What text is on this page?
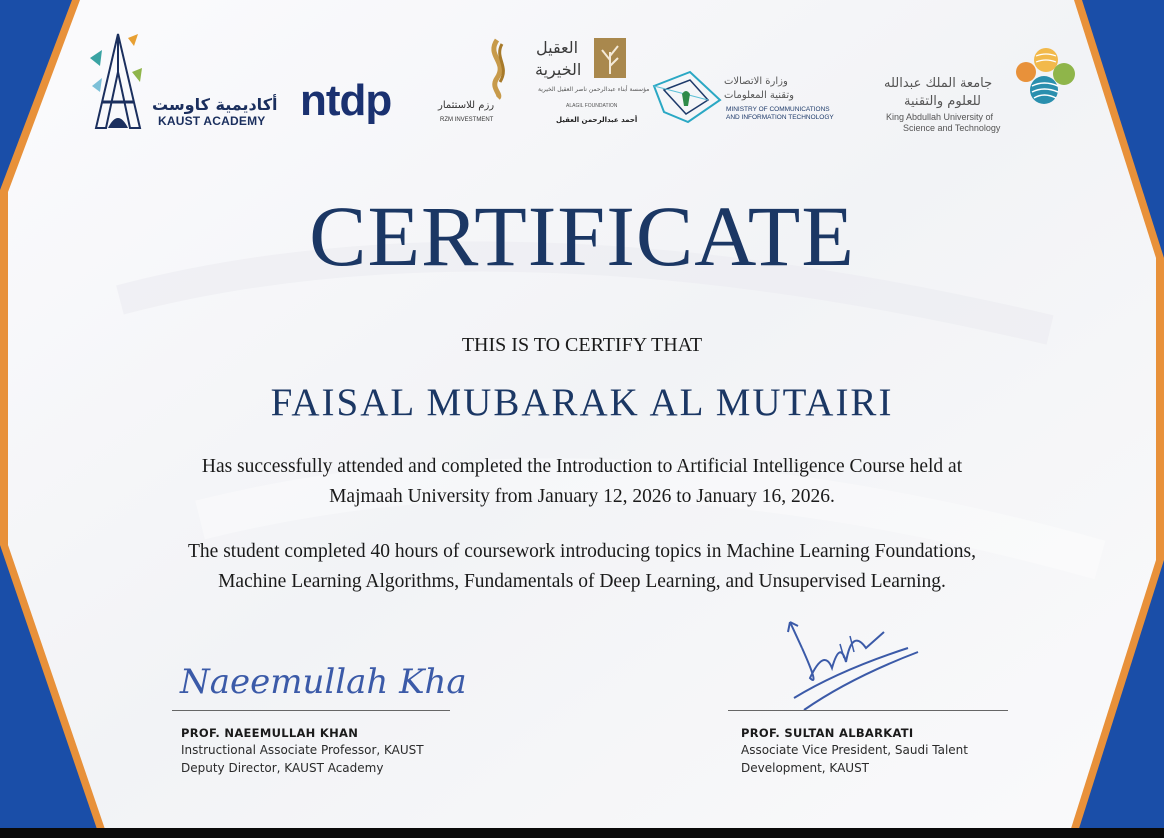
أكاديمية كاوست
KAUST ACADEMY ntdp	رزم للاستثمار
RZM INVESTMENT
العقيل
الخيرية
مؤسسة أبناء عبدالرحمن ناصر العقيل الخيرية
ALAGIL FOUNDATION
أحمد عبدالرحمن العقيل
وزارة الاتصالات
وتقنية المعلومات
MINISTRY OF COMMUNICATIONS
AND INFORMATION TECHNOLOGY
جامعة الملك عبدالله
للعلوم والتقنية
King Abdullah University of
Science and Technology
CERTIFICATE
THIS IS TO CERTIFY THAT
FAISAL MUBARAK AL MUTAIRI
Has successfully attended and completed the Introduction to Artificial Intelligence Course held at
Majmaah University from January 12, 2026 to January 16, 2026.
The student completed 40 hours of coursework introducing topics in Machine Learning Foundations,
Machine Learning Algorithms, Fundamentals of Deep Learning, and Unsupervised Learning.
Naeemullah Kha
PROF. NAEEMULLAH KHAN
Instructional Associate Professor, KAUST
Deputy Director, KAUST Academy
PROF. SULTAN ALBARKATI
Associate Vice President, Saudi Talent
Development, KAUST
